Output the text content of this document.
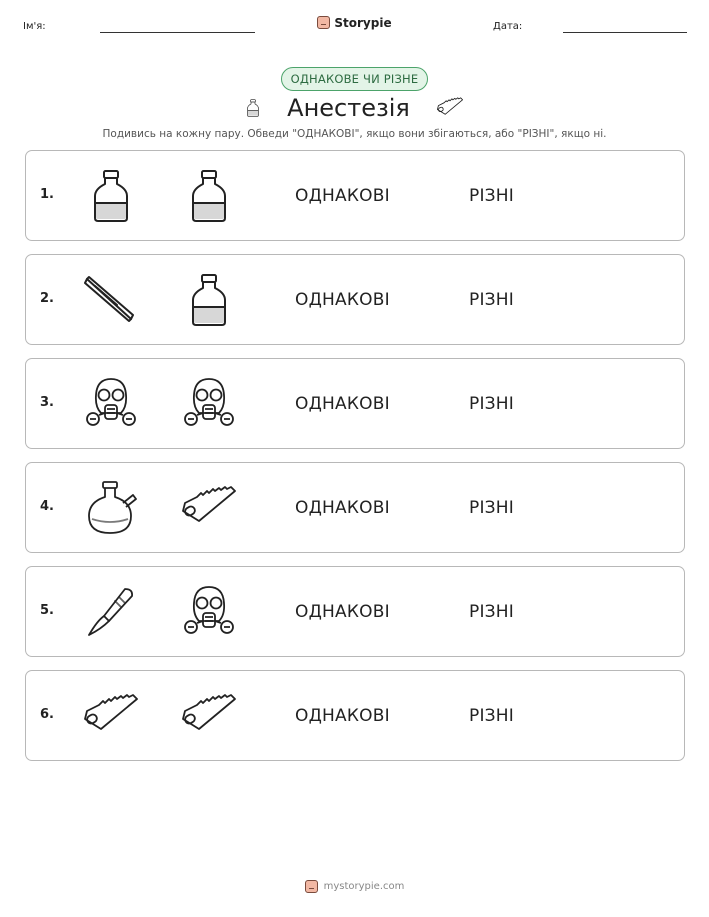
Ім'я:	Storypie	Дата:
ОДНАКОВЕ ЧИ РІЗНЕ
Анестезія
Подивись на кожну пару. Обведи "ОДНАКОВІ", якщо вони збігаються, або "РІЗНІ", якщо ні.
1.	ОДНАКОВІ	РІЗНІ
2.	ОДНАКОВІ	РІЗНІ
3.	ОДНАКОВІ	РІЗНІ
4.	ОДНАКОВІ	РІЗНІ
5.	ОДНАКОВІ	РІЗНІ
6.	ОДНАКОВІ	РІЗНІ
mystorypie.com
